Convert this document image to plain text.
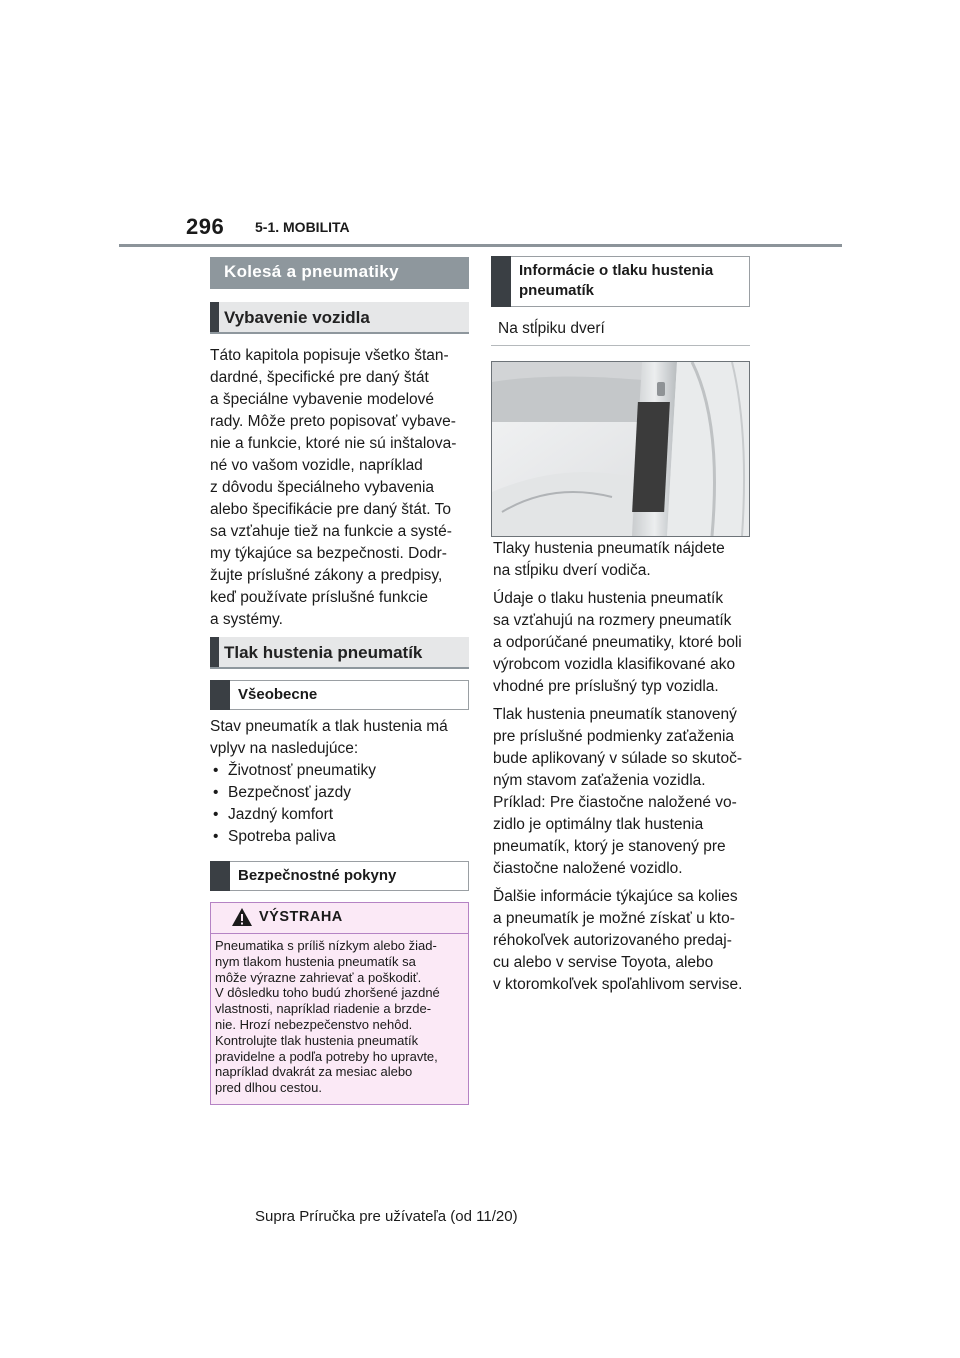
296 5-1. MOBILITA
Kolesá a pneumatiky
Vybavenie vozidla

Táto kapitola popisuje všetko štan-

dardné, špecifické pre daný štát

a špeciálne vybavenie modelové

rady. Môže preto popisovať vybave-

nie a funkcie, ktoré nie sú inštalova-

né vo vašom vozidle, napríklad

z dôvodu špeciálneho vybavenia

alebo špecifikácie pre daný štát. To

sa vzťahuje tiež na funkcie a systé-

my týkajúce sa bezpečnosti. Dodr-

žujte príslušné zákony a predpisy,

keď používate príslušné funkcie

a systémy.

Tlak hustenia pneumatík
Všeobecne

Stav pneumatík a tlak hustenia má

vplyv na nasledujúce:

• Životnosť pneumatiky
• Bezpečnosť jazdy
• Jazdný komfort
• Spotreba paliva
Bezpečnostné pokyny
VÝSTRAHA
Pneumatika s príliš nízkym alebo žiad-
nym tlakom hustenia pneumatík sa
môže výrazne zahrievať a poškodiť.
V dôsledku toho budú zhoršené jazdné
vlastnosti, napríklad riadenie a brzde-
nie. Hrozí nebezpečenstvo nehôd.
Kontrolujte tlak hustenia pneumatík
pravidelne a podľa potreby ho upravte,
napríklad dvakrát za mesiac alebo
pred dlhou cestou.
Informácie o tlaku hustenia
pneumatík
Na stĺpiku dverí

Tlaky hustenia pneumatík nájdete

na stĺpiku dverí vodiča.

Údaje o tlaku hustenia pneumatík

sa vzťahujú na rozmery pneumatík

a odporúčané pneumatiky, ktoré boli

výrobcom vozidla klasifikované ako

vhodné pre príslušný typ vozidla.

Tlak hustenia pneumatík stanovený

pre príslušné podmienky zaťaženia

bude aplikovaný v súlade so skutoč-

ným stavom zaťaženia vozidla.

Príklad: Pre čiastočne naložené vo-

zidlo je optimálny tlak hustenia

pneumatík, ktorý je stanovený pre

čiastočne naložené vozidlo.

Ďalšie informácie týkajúce sa kolies

a pneumatík je možné získať u kto-

réhokoľvek autorizovaného predaj-

cu alebo v servise Toyota, alebo

v ktoromkoľvek spoľahlivom servise.

Supra Príručka pre užívateľa (od 11/20)
